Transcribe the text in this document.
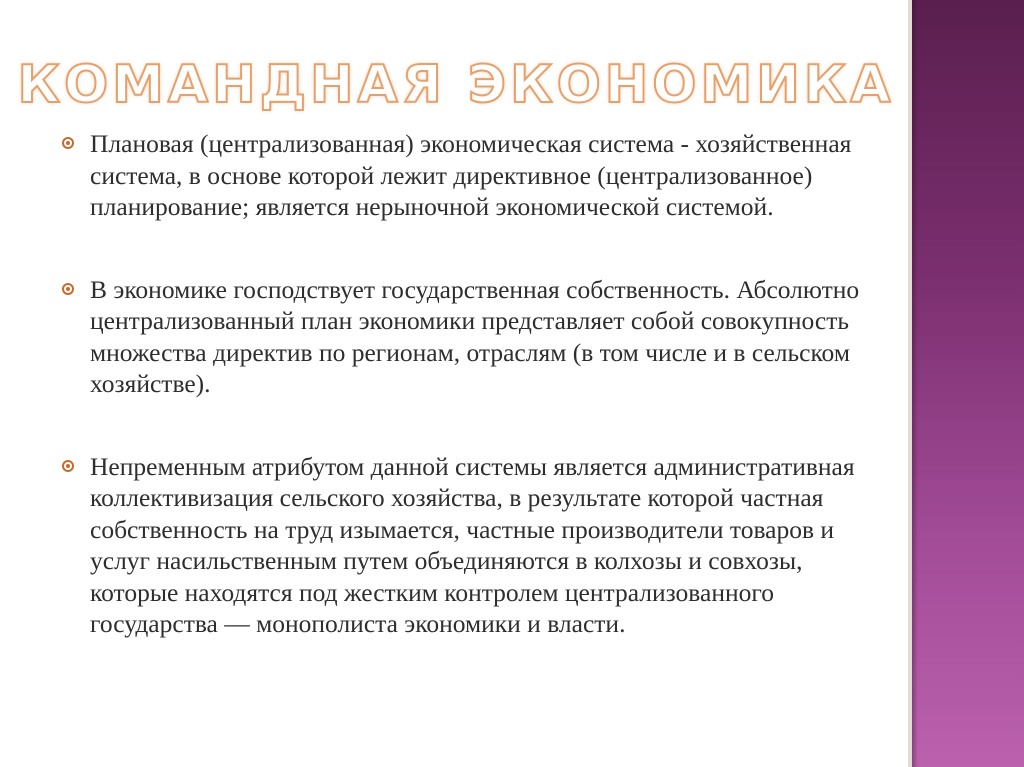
КОМАНДНАЯ ЭКОНОМИКА
Плановая (централизованная) экономическая система - хозяйственная система, в основе которой лежит директивное (централизованное) планирование; является нерыночной экономической системой.
В экономике господствует государственная собственность. Абсолютно централизованный план экономики представляет собой совокупность множества директив по регионам, отраслям (в том числе и в сельском хозяйстве).
Непременным атрибутом данной системы является административная коллективизация сельского хозяйства, в результате которой частная собственность на труд изымается, частные производители товаров и услуг насильственным путем объединяются в колхозы и совхозы, которые находятся под жестким контролем централизованного государства — монополиста экономики и власти.
